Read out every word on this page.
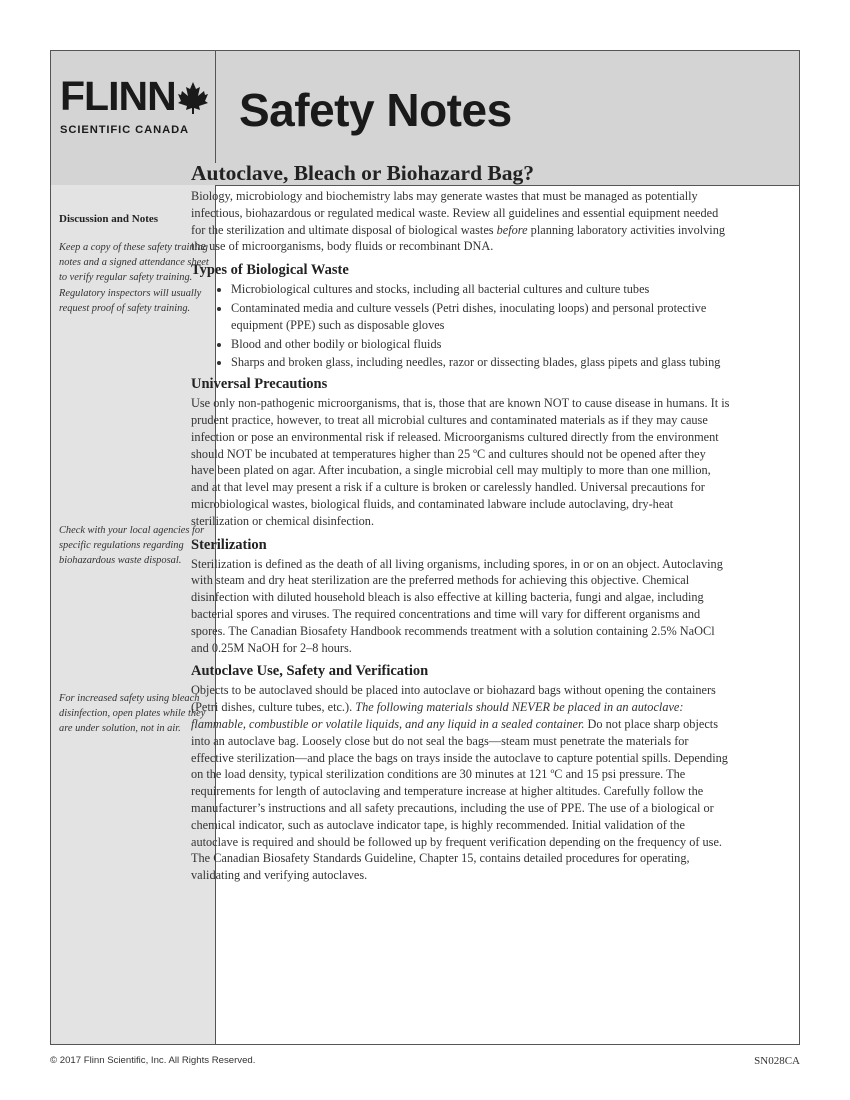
FLINN
SCIENTIFIC CANADA Safety Notes
Discussion and Notes
Keep a copy of these safety training notes and a signed attendance sheet to verify regular safety training. Regulatory inspectors will usually request proof of safety training.
Check with your local agencies for specific regulations regarding biohazardous waste disposal.
For increased safety using bleach disinfection, open plates while they are under solution, not in air.
Autoclave, Bleach or Biohazard Bag?

Biology, microbiology and biochemistry labs may generate wastes that must be managed as potentially infectious, biohazardous or regulated medical waste. Review all guidelines and essential equipment needed for the sterilization and ultimate disposal of biological wastes before planning laboratory activities involving the use of microorganisms, body fluids or recombinant DNA.

Types of Biological Waste
• Microbiological cultures and stocks, including all bacterial cultures and culture tubes
• Contaminated media and culture vessels (Petri dishes, inoculating loops) and personal protective equipment (PPE) such as disposable gloves
• Blood and other bodily or biological fluids
• Sharps and broken glass, including needles, razor or dissecting blades, glass pipets and glass tubing
Universal Precautions

Use only non-pathogenic microorganisms, that is, those that are known NOT to cause disease in humans. It is prudent practice, however, to treat all microbial cultures and contaminated materials as if they may cause infection or pose an environmental risk if released. Microorganisms cultured directly from the environment should NOT be incubated at temperatures higher than 25 ºC and cultures should not be opened after they have been plated on agar. After incubation, a single microbial cell may multiply to more than one million, and at that level may present a risk if a culture is broken or carelessly handled. Universal precautions for microbiological wastes, biological fluids, and contaminated labware include autoclaving, dry-heat sterilization or chemical disinfection.

Sterilization

Sterilization is defined as the death of all living organisms, including spores, in or on an object. Autoclaving with steam and dry heat sterilization are the preferred methods for achieving this objective. Chemical disinfection with diluted household bleach is also effective at killing bacteria, fungi and algae, including bacterial spores and viruses. The required concentrations and time will vary for different organisms and spores. The Canadian Biosafety Handbook recommends treatment with a solution containing 2.5% NaOCl and 0.25M NaOH for 2–8 hours.

Autoclave Use, Safety and Verification

Objects to be autoclaved should be placed into autoclave or biohazard bags without opening the containers (Petri dishes, culture tubes, etc.). The following materials should NEVER be placed in an autoclave: flammable, combustible or volatile liquids, and any liquid in a sealed container. Do not place sharp objects into an autoclave bag. Loosely close but do not seal the bags—steam must penetrate the materials for effective sterilization—and place the bags on trays inside the autoclave to capture potential spills. Depending on the load density, typical sterilization conditions are 30 minutes at 121 ºC and 15 psi pressure. The requirements for length of autoclaving and temperature increase at higher altitudes. Carefully follow the manufacturer’s instructions and all safety precautions, including the use of PPE. The use of a biological or chemical indicator, such as autoclave indicator tape, is highly recommended. Initial validation of the autoclave is required and should be followed up by frequent verification depending on the frequency of use. The Canadian Biosafety Standards Guideline, Chapter 15, contains detailed procedures for operating, validating and verifying autoclaves.

© 2017 Flinn Scientific, Inc. All Rights Reserved.	SN028CA
